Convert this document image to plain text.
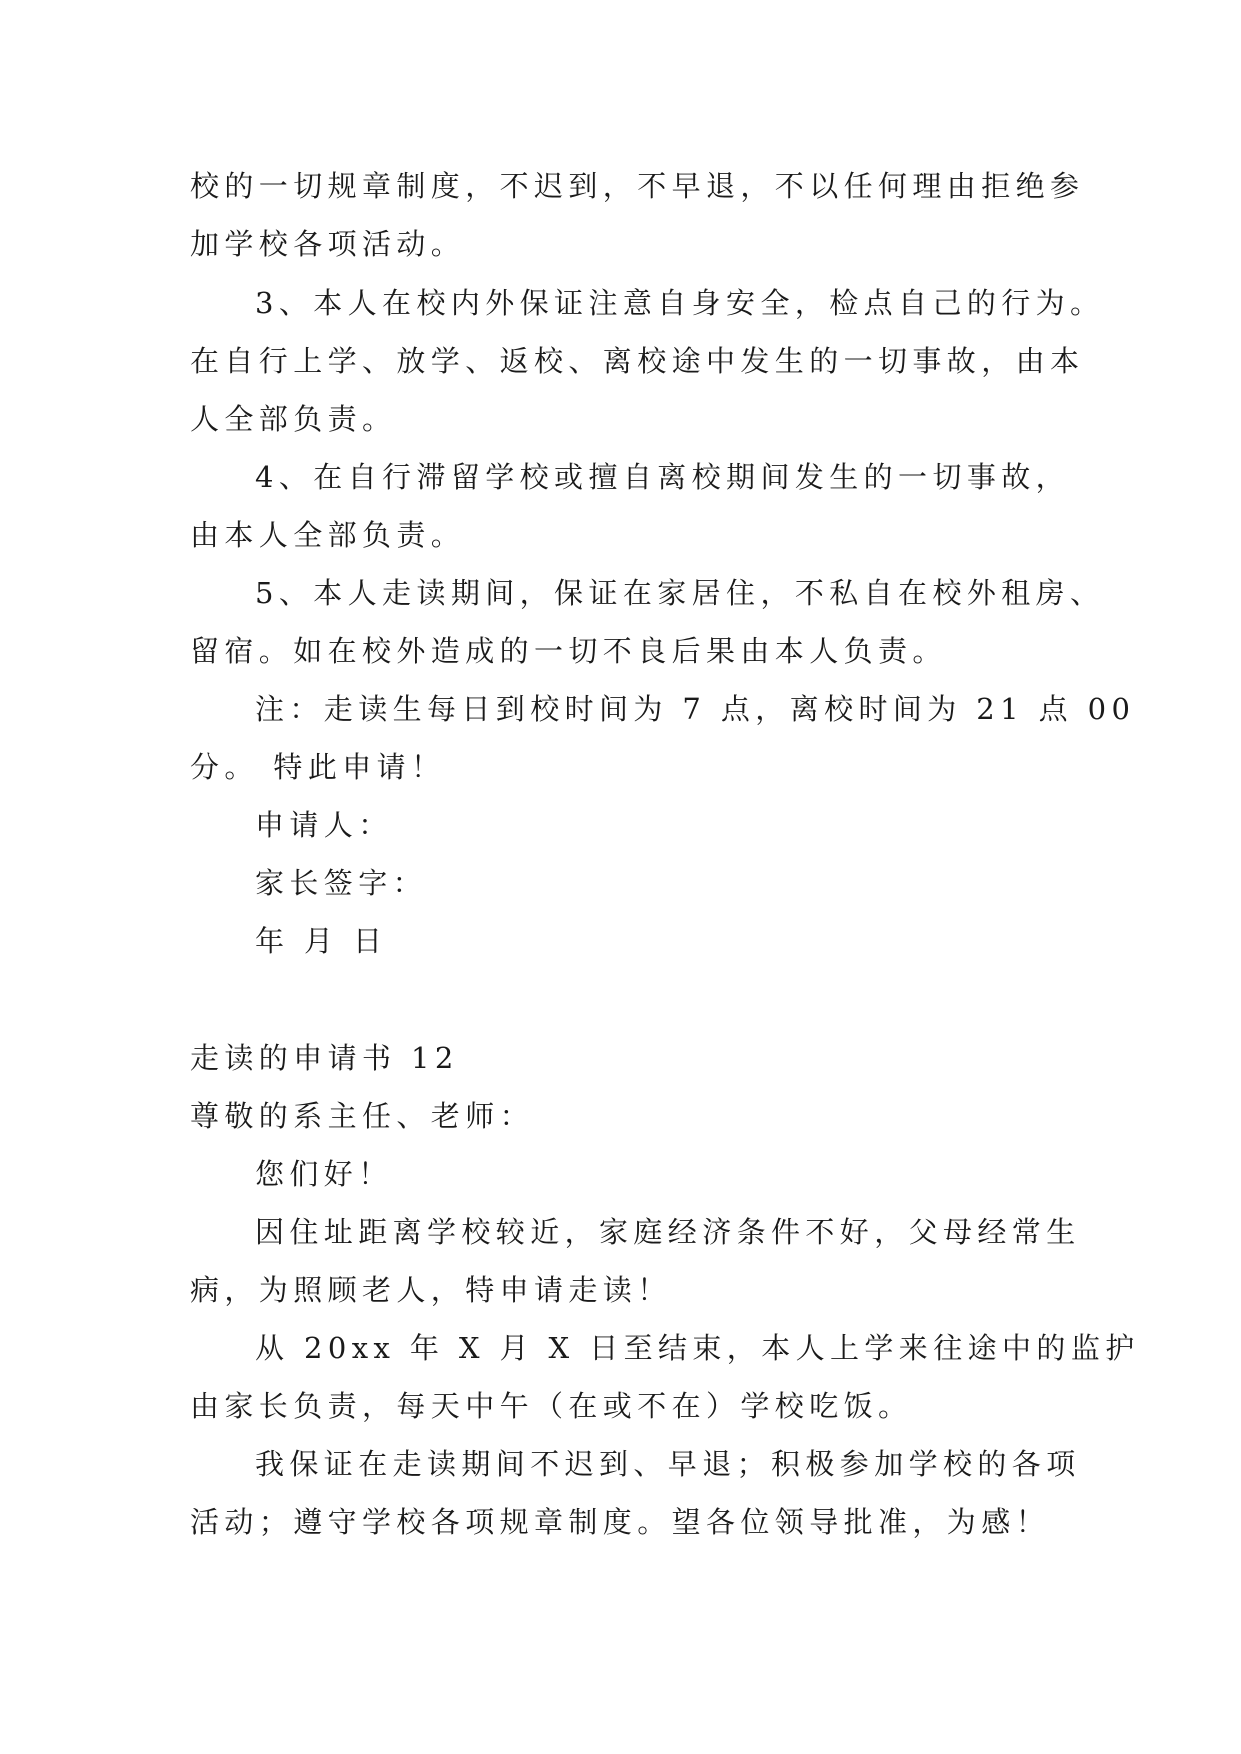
校的一切规章制度，不迟到，不早退，不以任何理由拒绝参
加学校各项活动。
3、本人在校内外保证注意自身安全，检点自己的行为。
在自行上学、放学、返校、离校途中发生的一切事故，由本
人全部负责。
4、在自行滞留学校或擅自离校期间发生的一切事故，
由本人全部负责。
5、本人走读期间，保证在家居住，不私自在校外租房、
留宿。如在校外造成的一切不良后果由本人负责。
注：走读生每日到校时间为 7 点，离校时间为 21 点 00
分。 特此申请！
申请人：
家长签字：
年 月 日
走读的申请书 12
尊敬的系主任、老师：
您们好！
因住址距离学校较近，家庭经济条件不好，父母经常生
病，为照顾老人，特申请走读！
从 20xx 年 X 月 X 日至结束，本人上学来往途中的监护
由家长负责，每天中午（在或不在）学校吃饭。
我保证在走读期间不迟到、早退；积极参加学校的各项
活动；遵守学校各项规章制度。望各位领导批准，为感！
